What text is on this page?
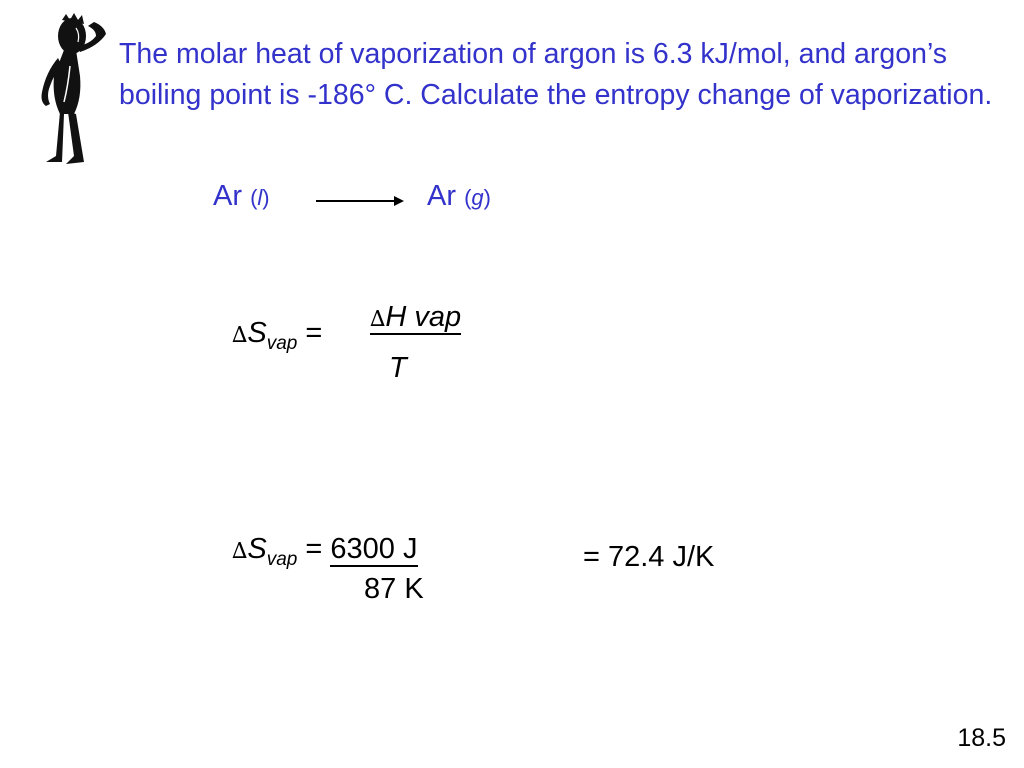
The molar heat of vaporization of argon is 6.3 kJ/mol, and argon’s boiling point is -186° C. Calculate the entropy change of vaporization.
Ar (l)	Ar (g)
$\Delta S_{vap} = \Delta H$ vap
T
$\Delta S_{vap} = 6300$ J
87 K
= 72.4 J/K
18.5
